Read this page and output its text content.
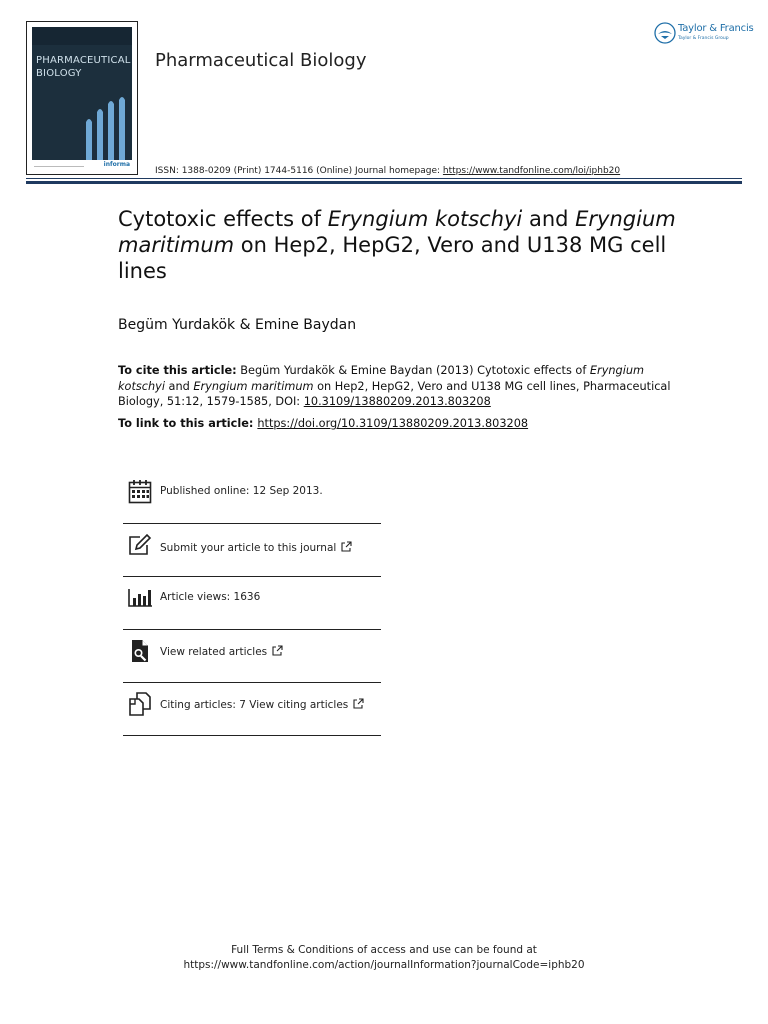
PHARMACEUTICAL
BIOLOGY
informa
Pharmaceutical Biology
Taylor & Francis
Taylor & Francis Group
ISSN: 1388-0209 (Print) 1744-5116 (Online) Journal homepage: https://www.tandfonline.com/loi/iphb20
Cytotoxic effects of Eryngium kotschyi and Eryngium maritimum on Hep2, HepG2, Vero and U138 MG cell lines
Begüm Yurdakök & Emine Baydan
To cite this article: Begüm Yurdakök & Emine Baydan (2013) Cytotoxic effects of Eryngium kotschyi and Eryngium maritimum on Hep2, HepG2, Vero and U138 MG cell lines, Pharmaceutical Biology, 51:12, 1579-1585, DOI: 10.3109/13880209.2013.803208
To link to this article: https://doi.org/10.3109/13880209.2013.803208
Published online: 12 Sep 2013.
Submit your article to this journal
Article views: 1636
View related articles
Citing articles: 7 View citing articles
Full Terms & Conditions of access and use can be found at
https://www.tandfonline.com/action/journalInformation?journalCode=iphb20
